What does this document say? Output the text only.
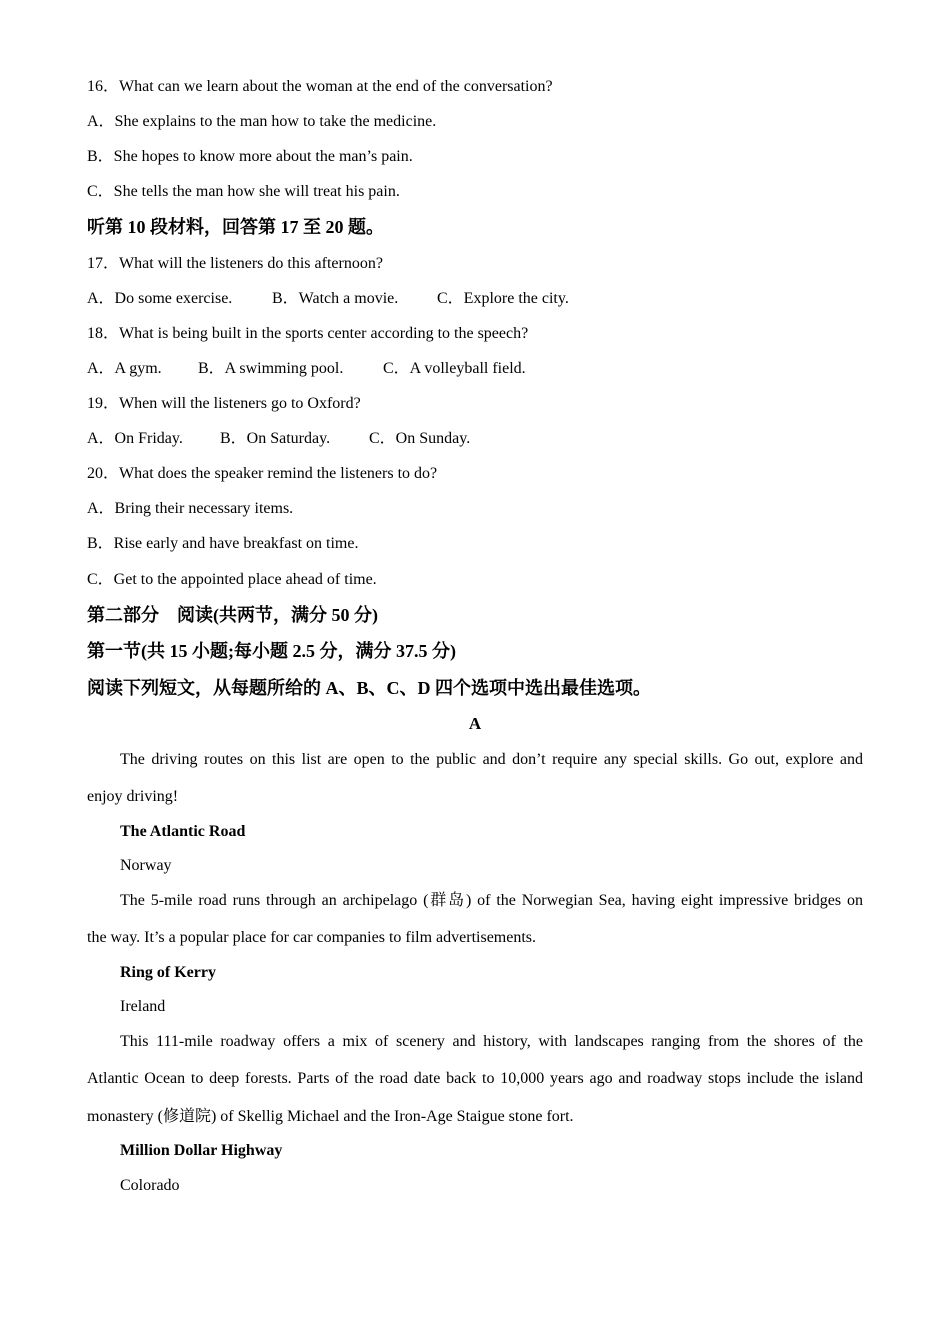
16．What can we learn about the woman at the end of the conversation?
A．She explains to the man how to take the medicine.
B．She hopes to know more about the man’s pain.
C．She tells the man how she will treat his pain.
听第 10 段材料，回答第 17 至 20 题。
17．What will the listeners do this afternoon?
A．Do some exercise. B．Watch a movie. C．Explore the city.
18．What is being built in the sports center according to the speech?
A．A gym. B．A swimming pool. C．A volleyball field.
19．When will the listeners go to Oxford?
A．On Friday. B．On Saturday. C．On Sunday.
20．What does the speaker remind the listeners to do?
A．Bring their necessary items.
B．Rise early and have breakfast on time.
C．Get to the appointed place ahead of time.
第二部分　阅读(共两节，满分 50 分)
第一节(共 15 小题;每小题 2.5 分，满分 37.5 分)
阅读下列短文，从每题所给的 A、B、C、D 四个选项中选出最佳选项。
A
The driving routes on this list are open to the public and don’t require any special skills. Go out, explore and
enjoy driving!
The Atlantic Road
Norway
The 5-mile road runs through an archipelago (群岛) of the Norwegian Sea, having eight impressive bridges on
the way. It’s a popular place for car companies to film advertisements.
Ring of Kerry
Ireland
This 111-mile roadway offers a mix of scenery and history, with landscapes ranging from the shores of the
Atlantic Ocean to deep forests. Parts of the road date back to 10,000 years ago and roadway stops include the island
monastery (修道院) of Skellig Michael and the Iron-Age Staigue stone fort.
Million Dollar Highway
Colorado
